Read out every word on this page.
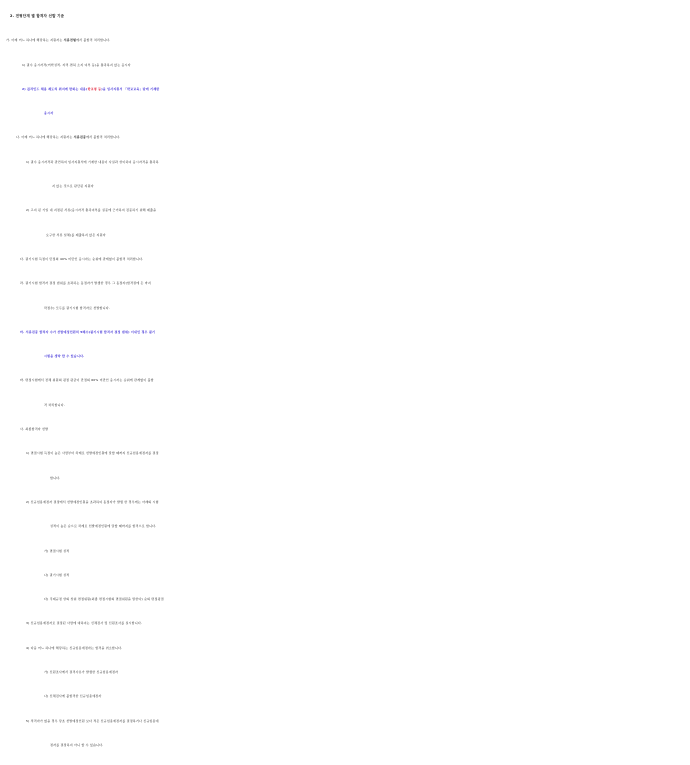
2. 전형단계 별 합격자 선발 기준
가. 아래 어느 하나에 해당하는 지원자는 서류전형에서 불합격 처리합니다.
1) 필수 응시자격(어학성적, 자격·면허 소지 여부 등)을 충족하지 않는 응시자
2) 블라인드 채용 제도의 취지에 반하는 내용(학교명 등)을 임사지원서 「학교교육」란에 기재한
응시자
나. 아래 어느 하나에 해당하는 지원자는 서류검증에서 불합격 처리합니다.
1) 필수 응시자격과 관련하여 임사지원서에 기재한 내용이 사실과 상이하여 응시자격을 충족하
지 않는 것으로 판단된 지원자
2) 고지 된 기일 내 지정된 서류(응시자격 충족여부를 실증에 근거하여 검증하기 위해 제출을
요구한 서류 일체)를 제출하지 않은 지원자
다. 필기시험 득점이 만점의 40% 미만인 응시자는 순위에 관계없이 불합격 처리합니다.
라. 필기시험 합격자 결정 범위를 초과하는 동점자가 발생한 경우 그 동점자(합격권에 든 마지
막점수) 모두를 필기시험 합격자로 선발합니다.
마. 서류검증 합격자 수가 선발예정인원의 5배수(필기시험 합격자 결정 범위) 이내인 경우 필기
시험을 생략 할 수 있습니다.
바. 면접시험에서 전체 위원의 평점 평균이 만점의 60% 미만인 응시자는 순위에 관계없이 불합
격 처리합니다.
사. 최종합격자 선발
1) 면접시험 득점이 높은 사람부터 차례로 선발예정인원에 달할 때까지 신규임용예정자를 결정
합니다.
2) 신규임용예정자 결정에서 선발예정인원을 초과하여 동점자가 발생 한 경우에는 아래의 시험
성적이 높은 순으로 차례로 선발예정인원에 달할 때까지를 합격으로 합니다.
가) 면접시험 성적
나) 필기시험 성적
다) 직제규정 상의 상위 면접위원(최종 면접시험의 면접위원을 말한다) 순의 면접평점
3) 신규임용예정자로 결정된 사람에 대하여는 신체검사 및 신원조사를 실시합니다.
4) 다음 어느 하나에 해당하는 신규임용예정자는 합격을 취소합니다.
가) 신원조사에서 결격사유가 발생한 신규임용예정자
나) 신체검사에 불합격한 신규임용예정자
5) 적격자가 없을 경우 당초 선발예정인원 보다 적은 신규임용예정자를 결정하거나 신규임용예
정자를 결정하지 아니 할 수 있습니다.
